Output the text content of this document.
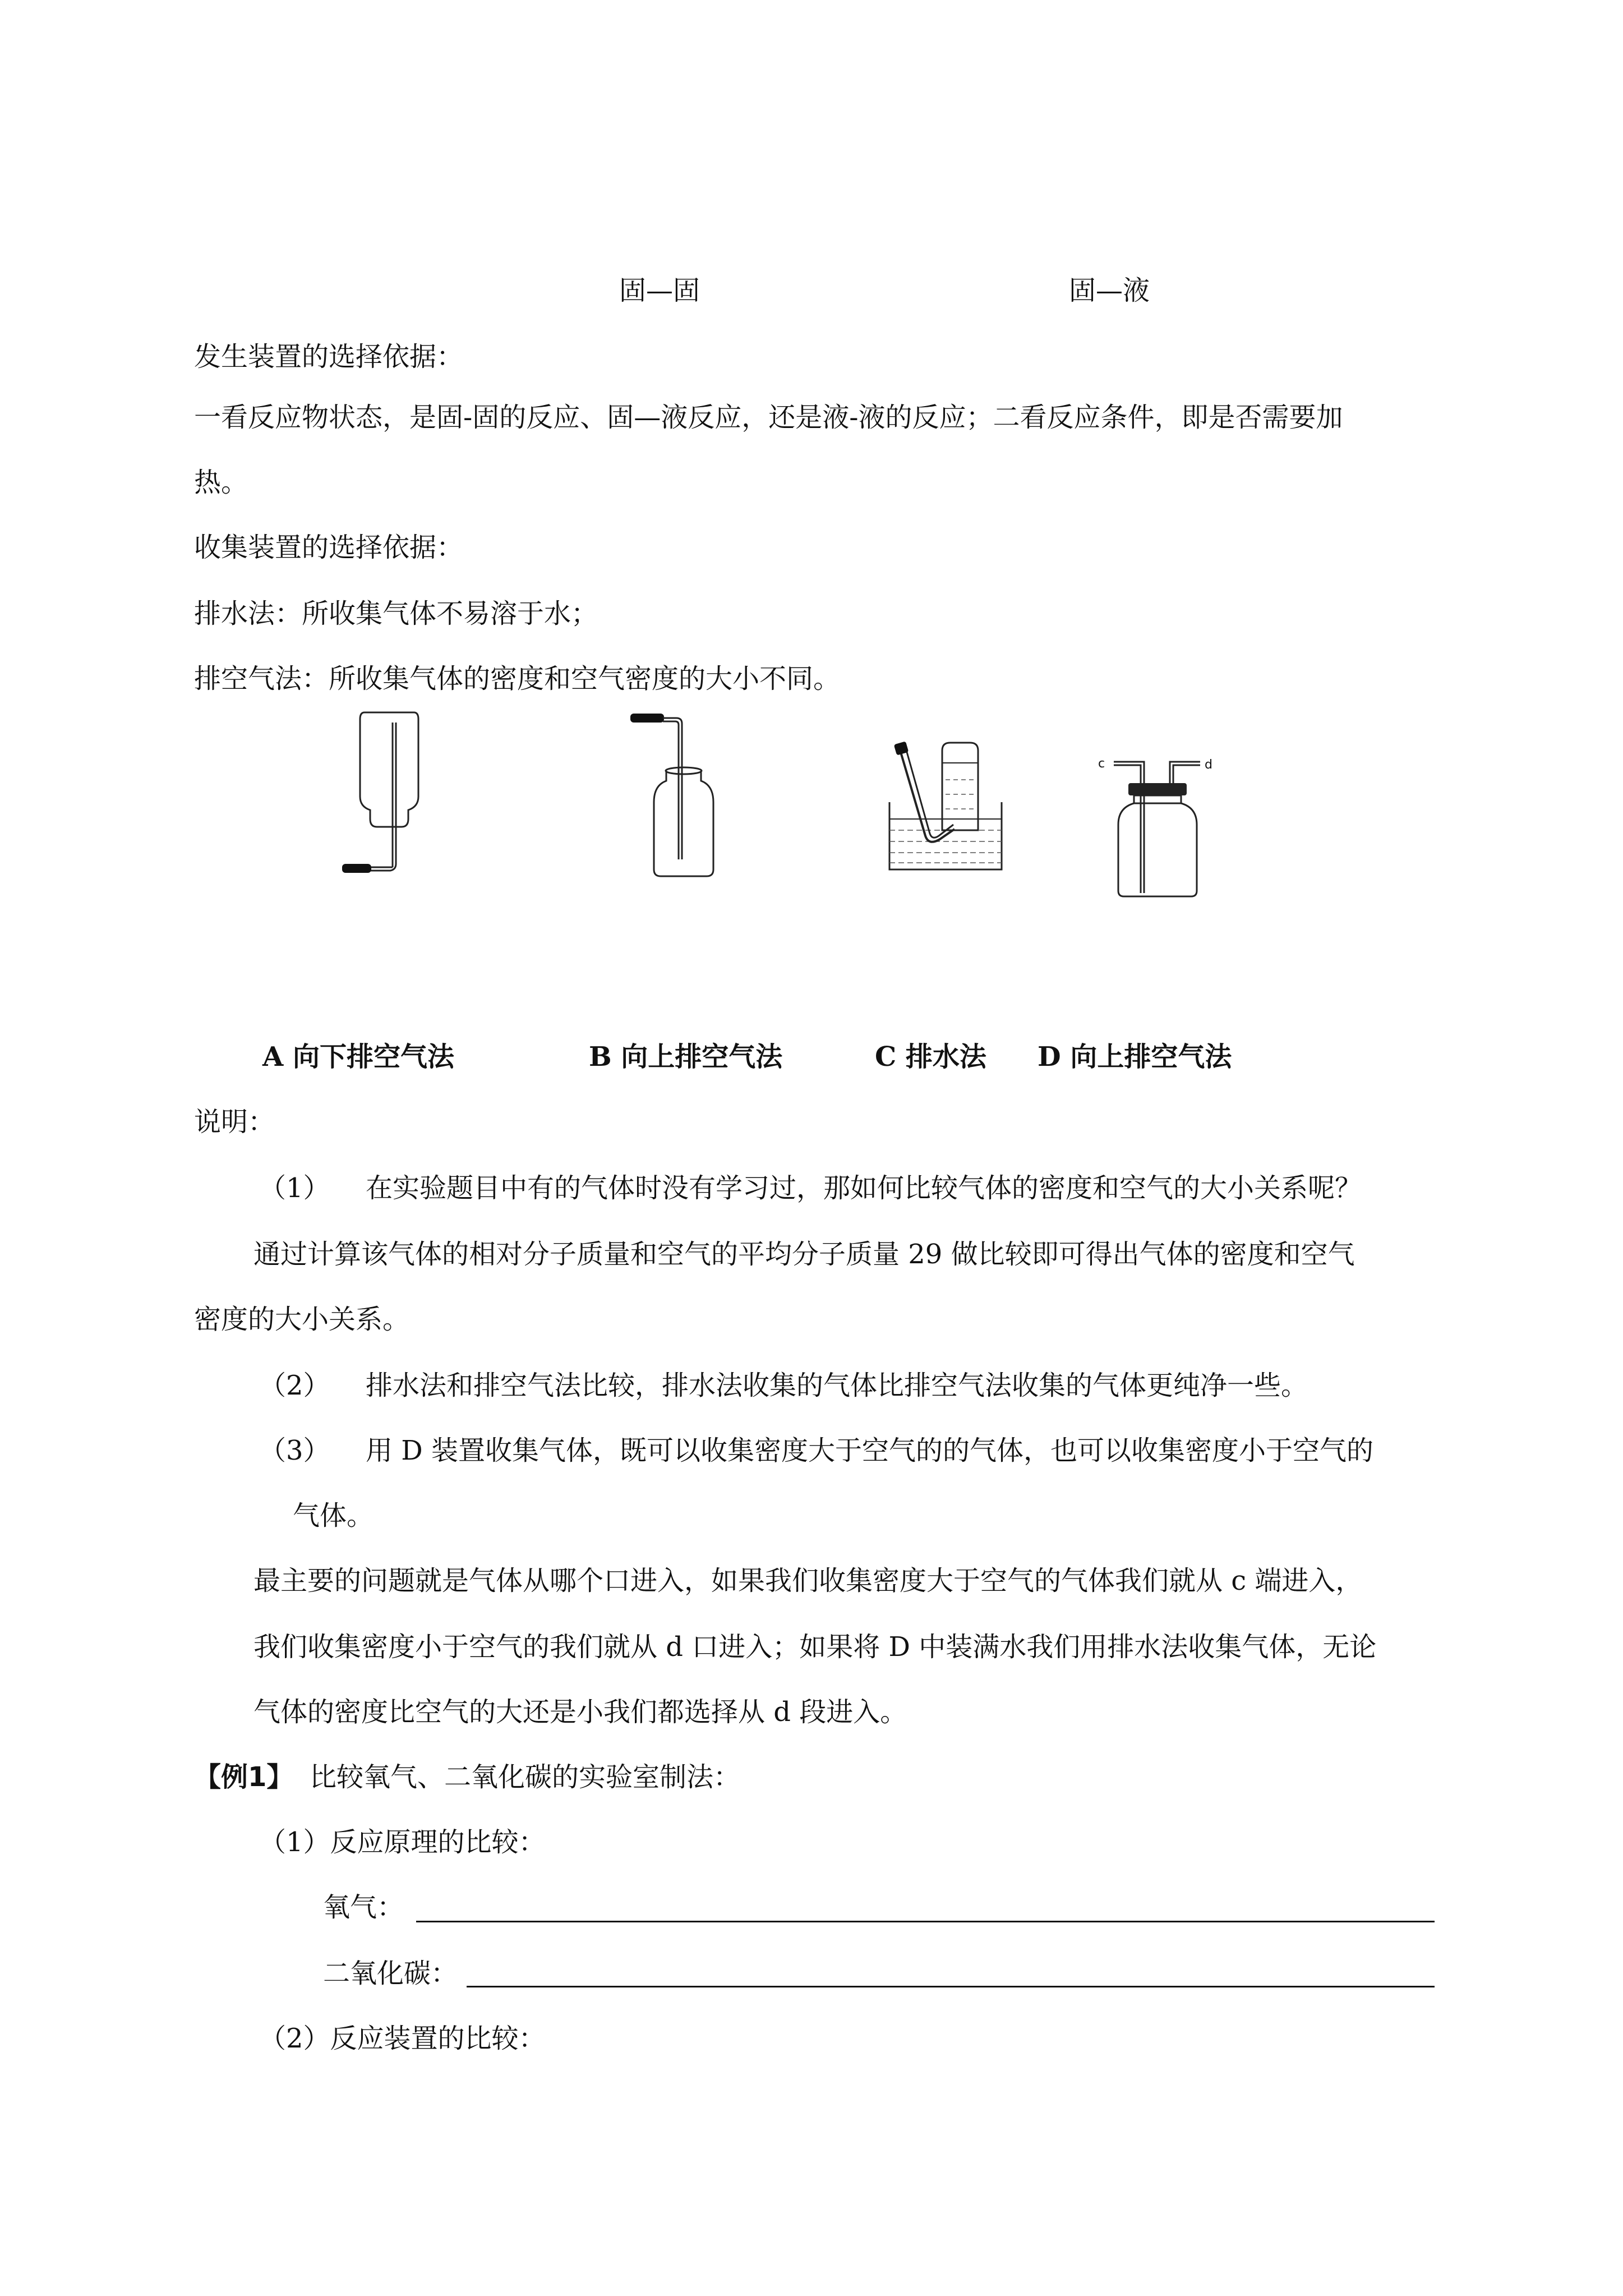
固—固	固—液
发生装置的选择依据：
一看反应物状态，是固-固的反应、固—液反应，还是液-液的反应；二看反应条件，即是否需要加
热。
收集装置的选择依据：
排水法：所收集气体不易溶于水；
排空气法：所收集气体的密度和空气密度的大小不同。
c	d
A 向下排空气法	B 向上排空气法	C 排水法 D 向上排空气法
说明：
（1） 在实验题目中有的气体时没有学习过，那如何比较气体的密度和空气的大小关系呢？
通过计算该气体的相对分子质量和空气的平均分子质量 29 做比较即可得出气体的密度和空气
密度的大小关系。
（2） 排水法和排空气法比较，排水法收集的气体比排空气法收集的气体更纯净一些。
（3） 用 D 装置收集气体，既可以收集密度大于空气的的气体，也可以收集密度小于空气的
气体。
最主要的问题就是气体从哪个口进入，如果我们收集密度大于空气的气体我们就从 c 端进入，
我们收集密度小于空气的我们就从 d 口进入；如果将 D 中装满水我们用排水法收集气体，无论
气体的密度比空气的大还是小我们都选择从 d 段进入。
【例1】 比较氧气、二氧化碳的实验室制法：
（1）反应原理的比较：
氧气：
二氧化碳：
（2）反应装置的比较：
